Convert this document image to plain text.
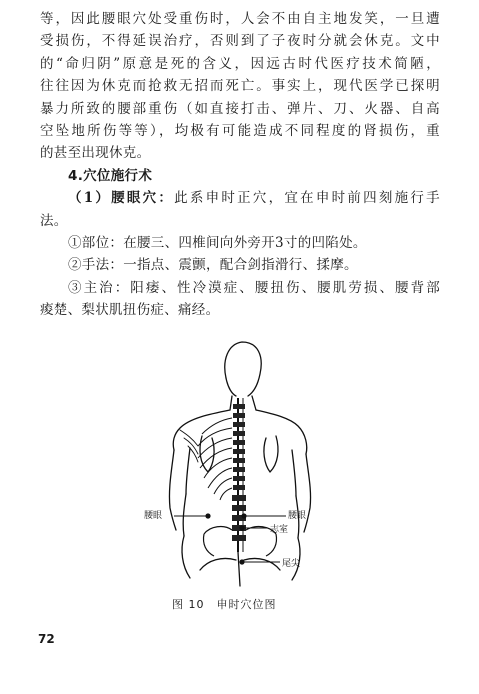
等，因此腰眼穴处受重伤时，人会不由自主地发笑，一旦遭
受损伤，不得延误治疗，否则到了子夜时分就会休克。文中
的“命归阴”原意是死的含义，因远古时代医疗技术简陋，
往往因为休克而抢救无招而死亡。事实上，现代医学已探明
暴力所致的腰部重伤（如直接打击、弹片、刀、火器、自高
空坠地所伤等等），均极有可能造成不同程度的肾损伤，重
的甚至出现休克。
4.穴位施行术
（1）腰眼穴：此系申时正穴，宜在申时前四刻施行手
法。
①部位：在腰三、四椎间向外旁开3寸的凹陷处。
②手法：一指点、震颤，配合剑指滑行、揉摩。
③主治：阳痿、性冷漠症、腰扭伤、腰肌劳损、腰背部
痠楚、梨状肌扭伤症、痛经。
腰眼	腰眼
志室
尾尖
图 10　申时穴位图
72
